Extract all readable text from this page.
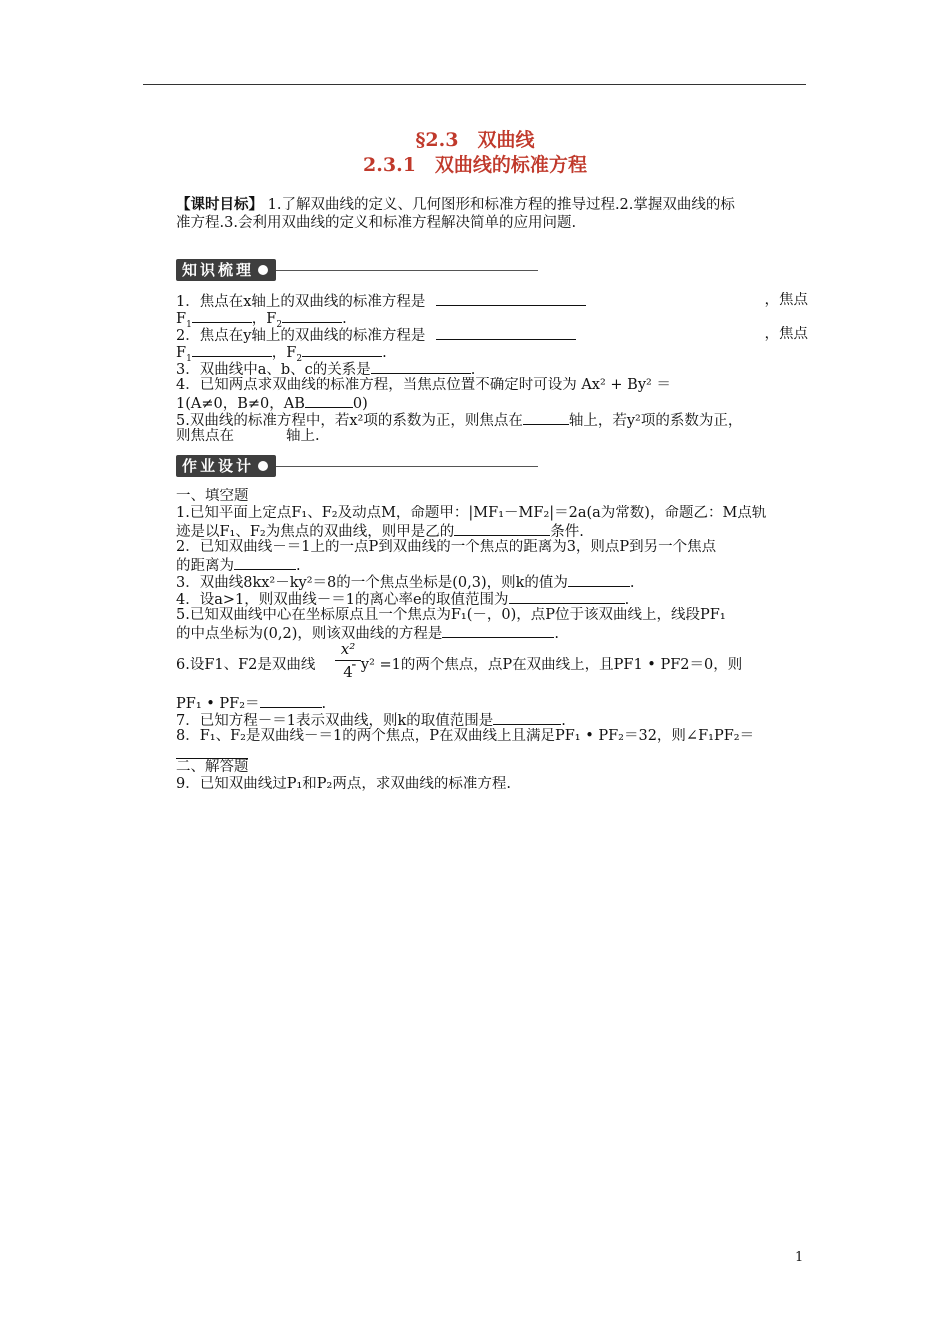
§2.3　双曲线
2.3.1　双曲线的标准方程
【课时目标】 1.了解双曲线的定义、几何图形和标准方程的推导过程.2.掌握双曲线的标
准方程.3.会利用双曲线的定义和标准方程解决简单的应用问题.
知识梳理
1．焦点在x轴上的双曲线的标准方程是	，焦点
$F_1$	，$F_2$	.
2．焦点在y轴上的双曲线的标准方程是	，焦点
$F_1$	，$F_2$	.
3．双曲线中a、b、c的关系是	.
4．已知两点求双曲线的标准方程，当焦点位置不确定时可设为 Ax² + By² ＝
1(A≠0，B≠0，AB	0)
5.双曲线的标准方程中，若x²项的系数为正，则焦点在	轴上，若y²项的系数为正，
则焦点在	轴上.
作业设计
一、填空题
1.已知平面上定点F₁、F₂及动点M，命题甲：|MF₁－MF₂|＝2a(a为常数)，命题乙：M点轨
迹是以F₁、F₂为焦点的双曲线，则甲是乙的	条件.
2．已知双曲线－＝1上的一点P到双曲线的一个焦点的距离为3，则点P到另一个焦点
的距离为	.
3．双曲线8kx²－ky²＝8的一个焦点坐标是(0,3)，则k的值为	.
4．设a>1，则双曲线－＝1的离心率e的取值范围为	.
5.已知双曲线中心在坐标原点且一个焦点为F₁(－，0)，点P位于该双曲线上，线段PF₁
的中点坐标为(0,2)，则该双曲线的方程是	.
6.设F1、F2是双曲线 - y² =1的两个焦点，点P在双曲线上，且PF1 • PF2＝0，则
x²
4
PF₁ • PF₂＝	.
7．已知方程－＝1表示双曲线，则k的取值范围是	.
8．F₁、F₂是双曲线－＝1的两个焦点，P在双曲线上且满足PF₁ • PF₂＝32，则∠F₁PF₂＝
二、解答题
9．已知双曲线过P₁和P₂两点，求双曲线的标准方程.
1
